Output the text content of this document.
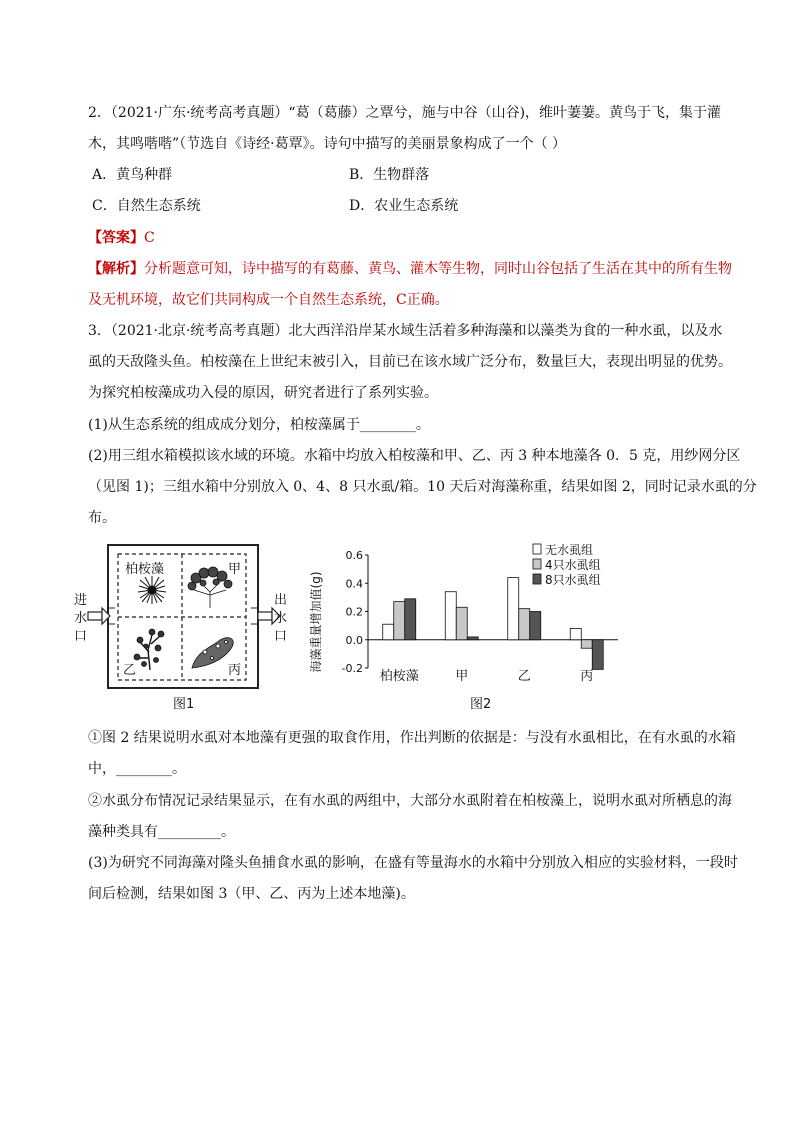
2．（2021·广东·统考高考真题）“葛（葛藤）之覃兮，施与中谷（山谷)，维叶萋萋。黄鸟于飞，集于灌
木，其鸣喈喈”（节选自《诗经·葛覃》。诗句中描写的美丽景象构成了一个（ ）
A．黄鸟种群	B．生物群落
C．自然生态系统	D．农业生态系统
【答案】C
【解析】分析题意可知，诗中描写的有葛藤、黄鸟、灌木等生物，同时山谷包括了生活在其中的所有生物
及无机环境，故它们共同构成一个自然生态系统，C正确。
3．（2021·北京·统考高考真题）北大西洋沿岸某水域生活着多种海藻和以藻类为食的一种水虱，以及水
虱的天敌隆头鱼。柏桉藻在上世纪末被引入，目前已在该水域广泛分布，数量巨大，表现出明显的优势。
为探究柏桉藻成功入侵的原因，研究者进行了系列实验。
(1)从生态系统的组成成分划分，柏桉藻属于________。
(2)用三组水箱模拟该水域的环境。水箱中均放入柏桉藻和甲、乙、丙 3 种本地藻各 0．5 克，用纱网分区
（见图 1)；三组水箱中分别放入 0、4、8 只水虱/箱。10 天后对海藻称重，结果如图 2，同时记录水虱的分
布。
柏桉藻	甲
乙	丙
进
水
口
出
水
口
图1
海藻重量增加值(g)
0.6
0.4
0.2
0.0
-0.2
柏桉藻	甲	乙	丙
无水虱组
4只水虱组
8只水虱组
图2
①图 2 结果说明水虱对本地藻有更强的取食作用，作出判断的依据是：与没有水虱相比，在有水虱的水箱
中，________。
②水虱分布情况记录结果显示，在有水虱的两组中，大部分水虱附着在柏桉藻上，说明水虱对所栖息的海
藻种类具有_________。
(3)为研究不同海藻对隆头鱼捕食水虱的影响，在盛有等量海水的水箱中分别放入相应的实验材料，一段时
间后检测，结果如图 3（甲、乙、丙为上述本地藻)。
